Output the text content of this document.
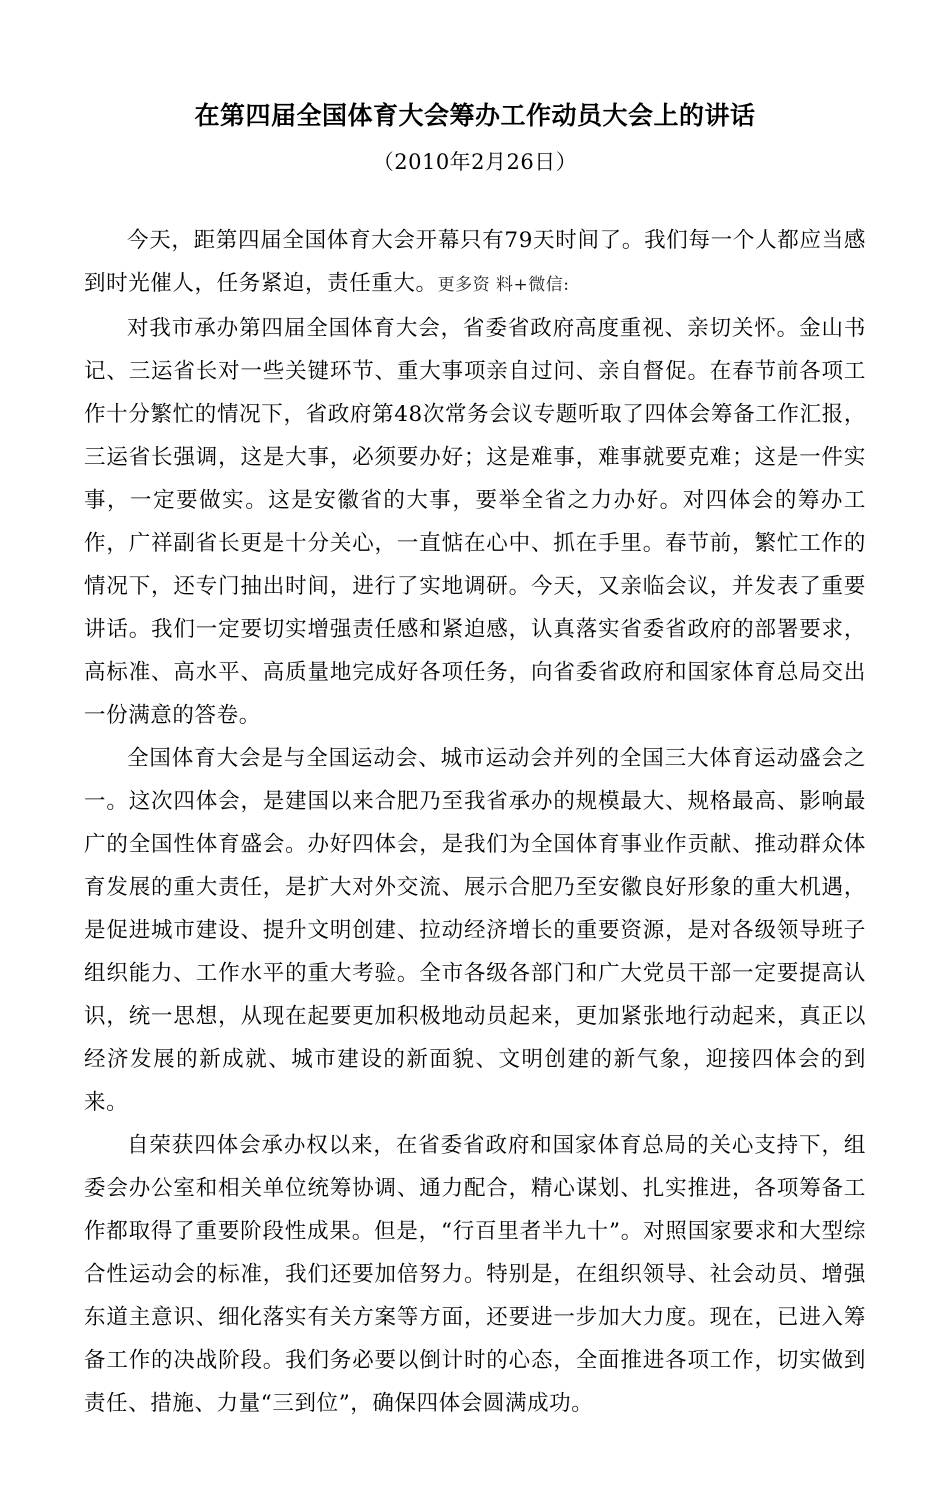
在第四届全国体育大会筹办工作动员大会上的讲话
（2010年2月26日）

今天，距第四届全国体育大会开幕只有79天时间了。我们每一个人都应当感到时光催人，任务紧迫，责任重大。更多资 料+微信:

对我市承办第四届全国体育大会，省委省政府高度重视、亲切关怀。金山书记、三运省长对一些关键环节、重大事项亲自过问、亲自督促。在春节前各项工作十分繁忙的情况下，省政府第48次常务会议专题听取了四体会筹备工作汇报，三运省长强调，这是大事，必须要办好；这是难事，难事就要克难；这是一件实事，一定要做实。这是安徽省的大事，要举全省之力办好。对四体会的筹办工作，广祥副省长更是十分关心，一直惦在心中、抓在手里。春节前，繁忙工作的情况下，还专门抽出时间，进行了实地调研。今天，又亲临会议，并发表了重要讲话。我们一定要切实增强责任感和紧迫感，认真落实省委省政府的部署要求，高标准、高水平、高质量地完成好各项任务，向省委省政府和国家体育总局交出一份满意的答卷。

全国体育大会是与全国运动会、城市运动会并列的全国三大体育运动盛会之一。这次四体会，是建国以来合肥乃至我省承办的规模最大、规格最高、影响最广的全国性体育盛会。办好四体会，是我们为全国体育事业作贡献、推动群众体育发展的重大责任，是扩大对外交流、展示合肥乃至安徽良好形象的重大机遇，是促进城市建设、提升文明创建、拉动经济增长的重要资源，是对各级领导班子组织能力、工作水平的重大考验。全市各级各部门和广大党员干部一定要提高认识，统一思想，从现在起要更加积极地动员起来，更加紧张地行动起来，真正以经济发展的新成就、城市建设的新面貌、文明创建的新气象，迎接四体会的到来。

自荣获四体会承办权以来，在省委省政府和国家体育总局的关心支持下，组委会办公室和相关单位统筹协调、通力配合，精心谋划、扎实推进，各项筹备工作都取得了重要阶段性成果。但是，“行百里者半九十”。对照国家要求和大型综合性运动会的标准，我们还要加倍努力。特别是，在组织领导、社会动员、增强东道主意识、细化落实有关方案等方面，还要进一步加大力度。现在，已进入筹备工作的决战阶段。我们务必要以倒计时的心态，全面推进各项工作，切实做到责任、措施、力量“三到位”，确保四体会圆满成功。
